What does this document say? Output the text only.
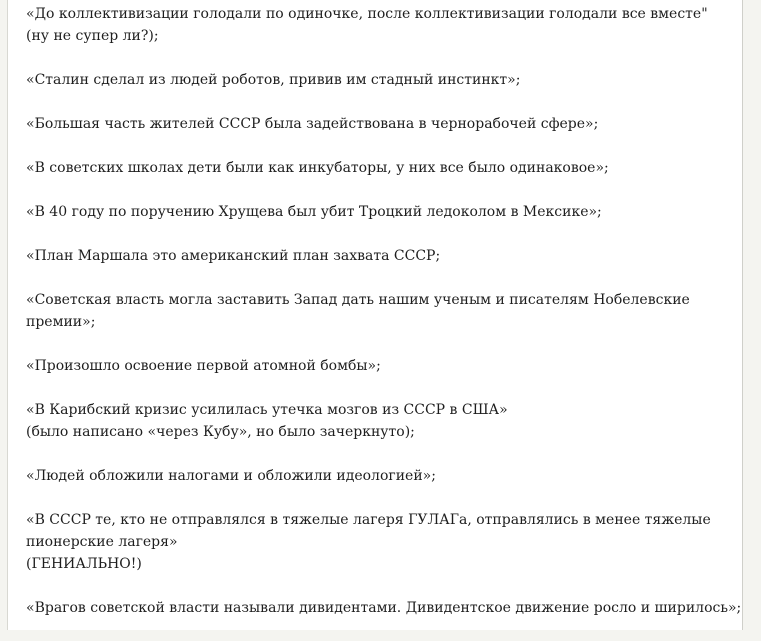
«До коллективизации голодали по одиночке, после коллективизации голодали все вместе"
(ну не супер ли?);

«Сталин сделал из людей роботов, привив им стадный инстинкт»;

«Большая часть жителей СССР была задействована в чернорабочей сфере»;

«В советских школах дети были как инкубаторы, у них все было одинаковое»;

«В 40 году по поручению Хрущева был убит Троцкий ледоколом в Мексике»;

«План Маршала это американский план захвата СССР;

«Советская власть могла заставить Запад дать нашим ученым и писателям Нобелевские
премии»;

«Произошло освоение первой атомной бомбы»;

«В Карибский кризис усилилась утечка мозгов из СССР в США»
(было написано «через Кубу», но было зачеркнуто);

«Людей обложили налогами и обложили идеологией»;

«В СССР те, кто не отправлялся в тяжелые лагеря ГУЛАГа, отправлялись в менее тяжелые
пионерские лагеря»
(ГЕНИАЛЬНО!)

«Врагов советской власти называли дивидентами. Дивидентское движение росло и ширилось»;
